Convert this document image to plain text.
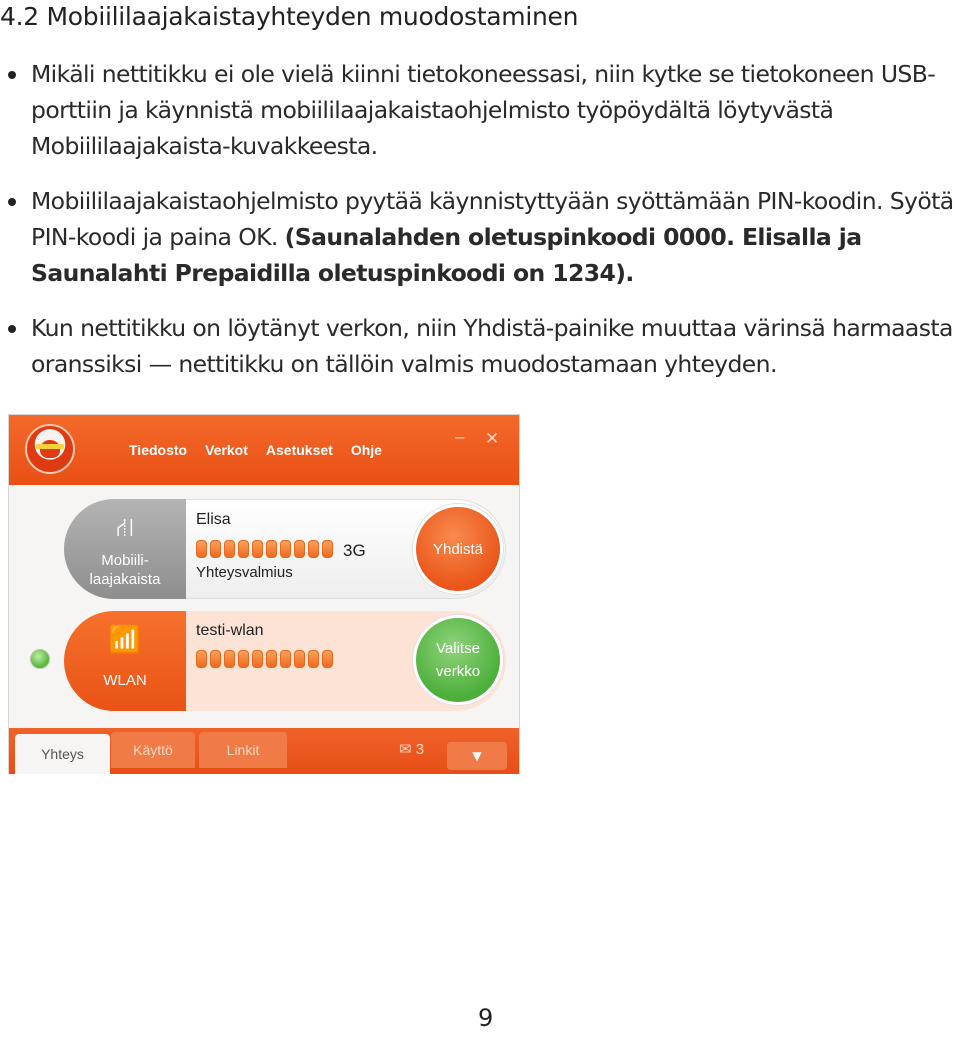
4.2 Mobiililaajakaistayhteyden muodostaminen
Mikäli nettitikku ei ole vielä kiinni tietokoneessasi, niin kytke se tietokoneen USB-porttiin ja käynnistä mobiililaajakaistaohjelmisto työpöydältä löytyvästä Mobiililaajakaista-kuvakkeesta.
Mobiililaajakaistaohjelmisto pyytää käynnistyttyään syöttämään PIN-koodin. Syötä PIN-koodi ja paina OK. (Saunalahden oletuspinkoodi 0000. Elisalla ja Saunalahti Prepaidilla oletuspinkoodi on 1234).
Kun nettitikku on löytänyt verkon, niin Yhdistä-painike muuttaa värinsä harmaasta oranssiksi — nettitikku on tällöin valmis muodostamaan yhteyden.
Tiedosto Verkot Asetukset Ohje
– ✕
⛙
Mobiili-
laajakaista
Elisa
3G
Yhteysvalmius
Yhdistä
📶
WLAN
testi-wlan
Valitse
verkko
Yhteys	Käyttö	Linkit	✉ 3	▼
9
